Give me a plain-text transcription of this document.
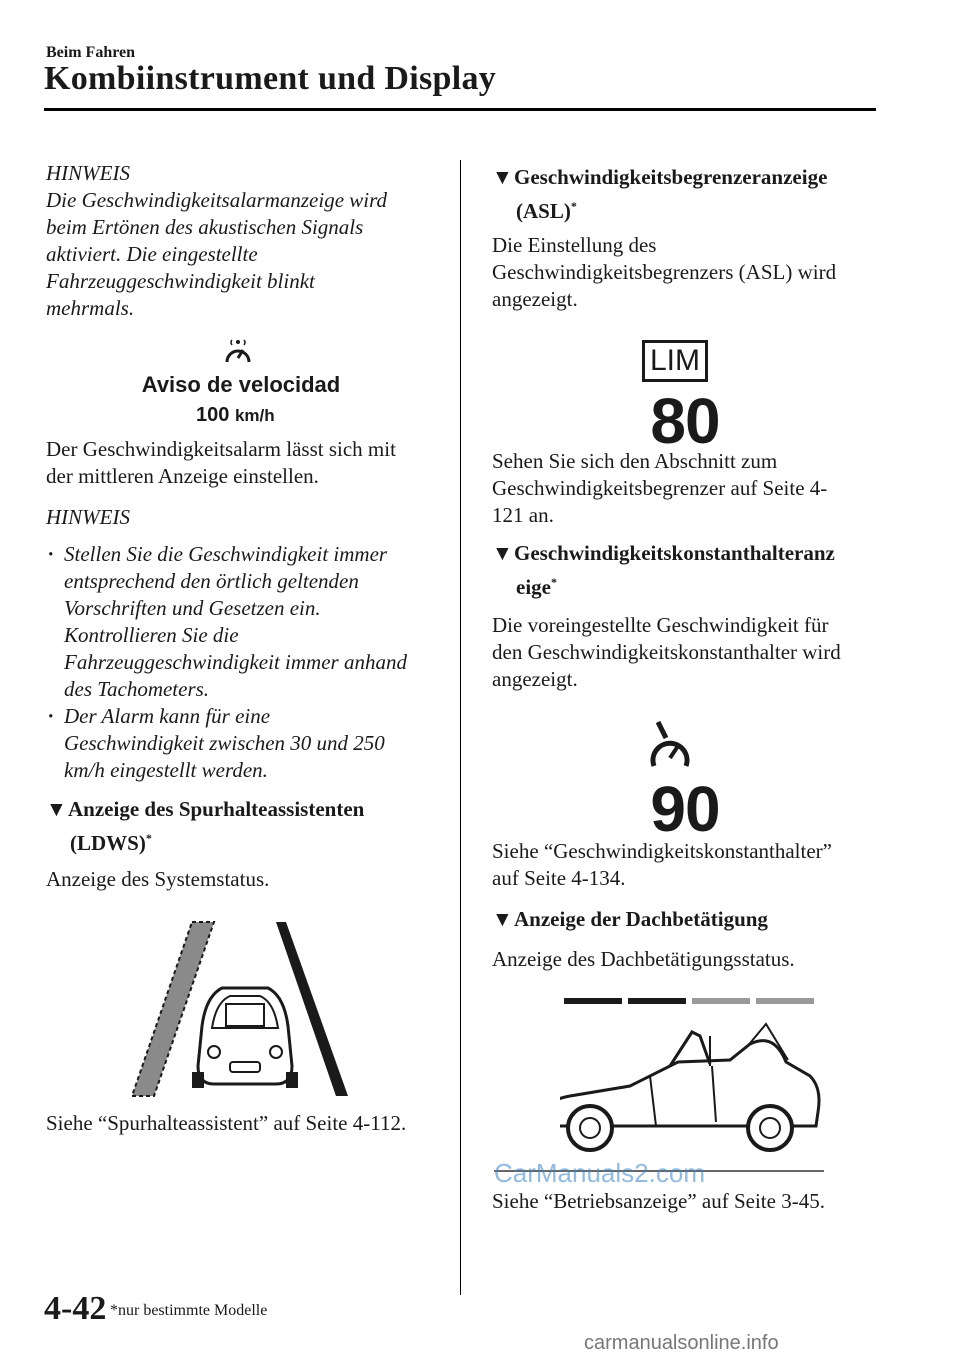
Beim Fahren
Kombiinstrument und Display

HINWEIS

Die Geschwindigkeitsalarmanzeige wird

beim Ertönen des akustischen Signals

aktiviert. Die eingestellte

Fahrzeuggeschwindigkeit blinkt

mehrmals.

Aviso de velocidad
100 km/h

Der Geschwindigkeitsalarm lässt sich mit

der mittleren Anzeige einstellen.

HINWEIS

· Stellen Sie die Geschwindigkeit immer

entsprechend den örtlich geltenden

Vorschriften und Gesetzen ein.

Kontrollieren Sie die

Fahrzeuggeschwindigkeit immer anhand

des Tachometers.

· Der Alarm kann für eine

Geschwindigkeit zwischen 30 und 250

km/h eingestellt werden.

▼Anzeige des Spurhalteassistenten
(LDWS)*
Anzeige des Systemstatus.
Siehe “Spurhalteassistent” auf Seite 4-112.
▼Geschwindigkeitsbegrenzeranzeige
(ASL)*

Die Einstellung des

Geschwindigkeitsbegrenzers (ASL) wird

angezeigt.

LIM
80

Sehen Sie sich den Abschnitt zum

Geschwindigkeitsbegrenzer auf Seite 4-

121 an.

▼Geschwindigkeitskonstanthalteranz
eige*

Die voreingestellte Geschwindigkeit für

den Geschwindigkeitskonstanthalter wird

angezeigt.

90

Siehe “Geschwindigkeitskonstanthalter”

auf Seite 4-134.

▼Anzeige der Dachbetätigung
Anzeige des Dachbetätigungsstatus.
CarManuals2.com
Siehe “Betriebsanzeige” auf Seite 3-45.
4-42 *nur bestimmte Modelle
carmanualsonline.info
